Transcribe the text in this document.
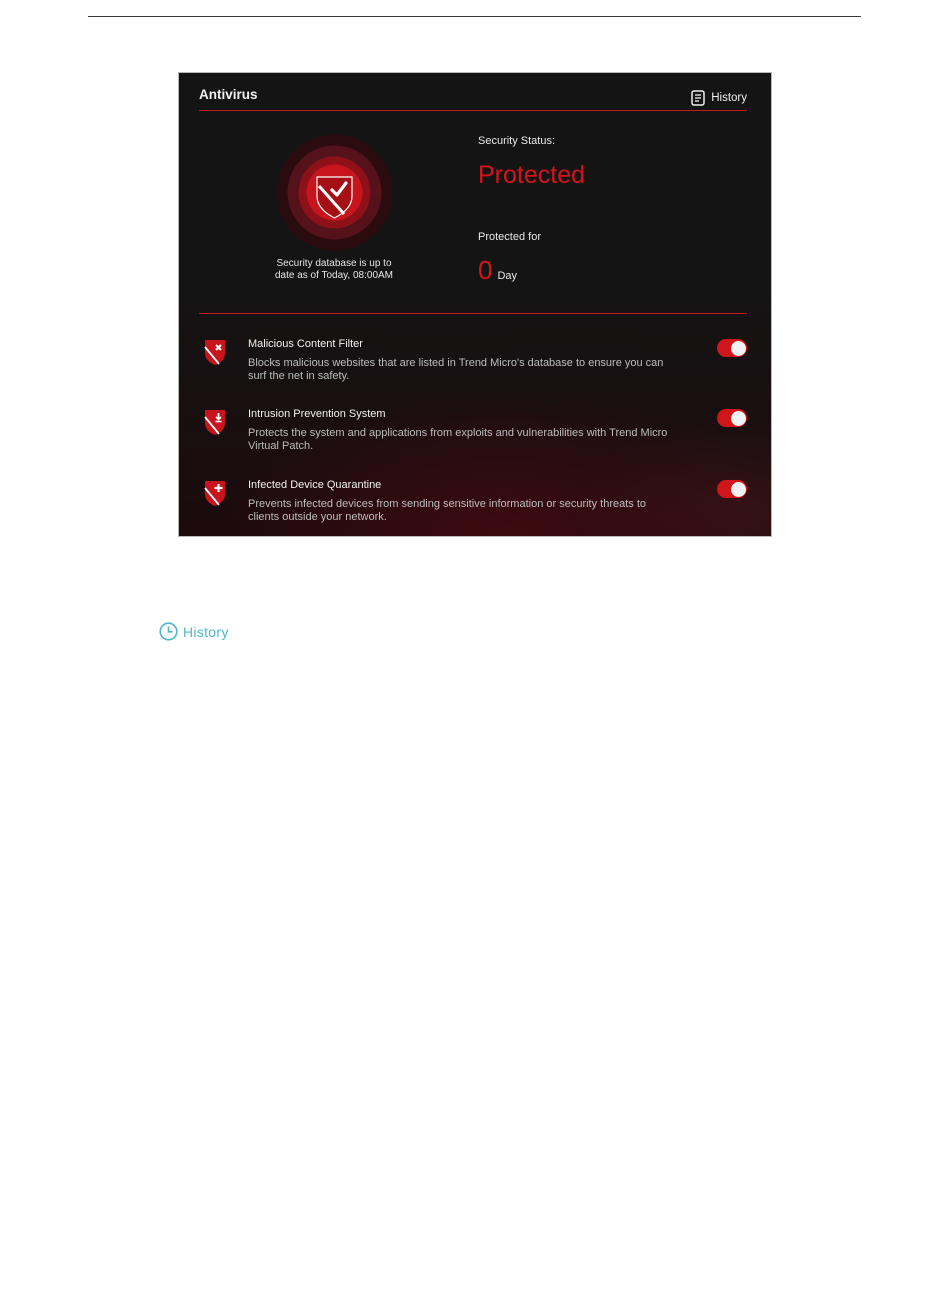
Antivirus	History
Security database is up to
date as of Today, 08:00AM
Security Status:
Protected
Protected for
0 Day
Malicious Content Filter
Blocks malicious websites that are listed in Trend Micro's database to ensure you can surf the net in safety.
Intrusion Prevention System
Protects the system and applications from exploits and vulnerabilities with Trend Micro Virtual Patch.
Infected Device Quarantine
Prevents infected devices from sending sensitive information or security threats to clients outside your network.
History
